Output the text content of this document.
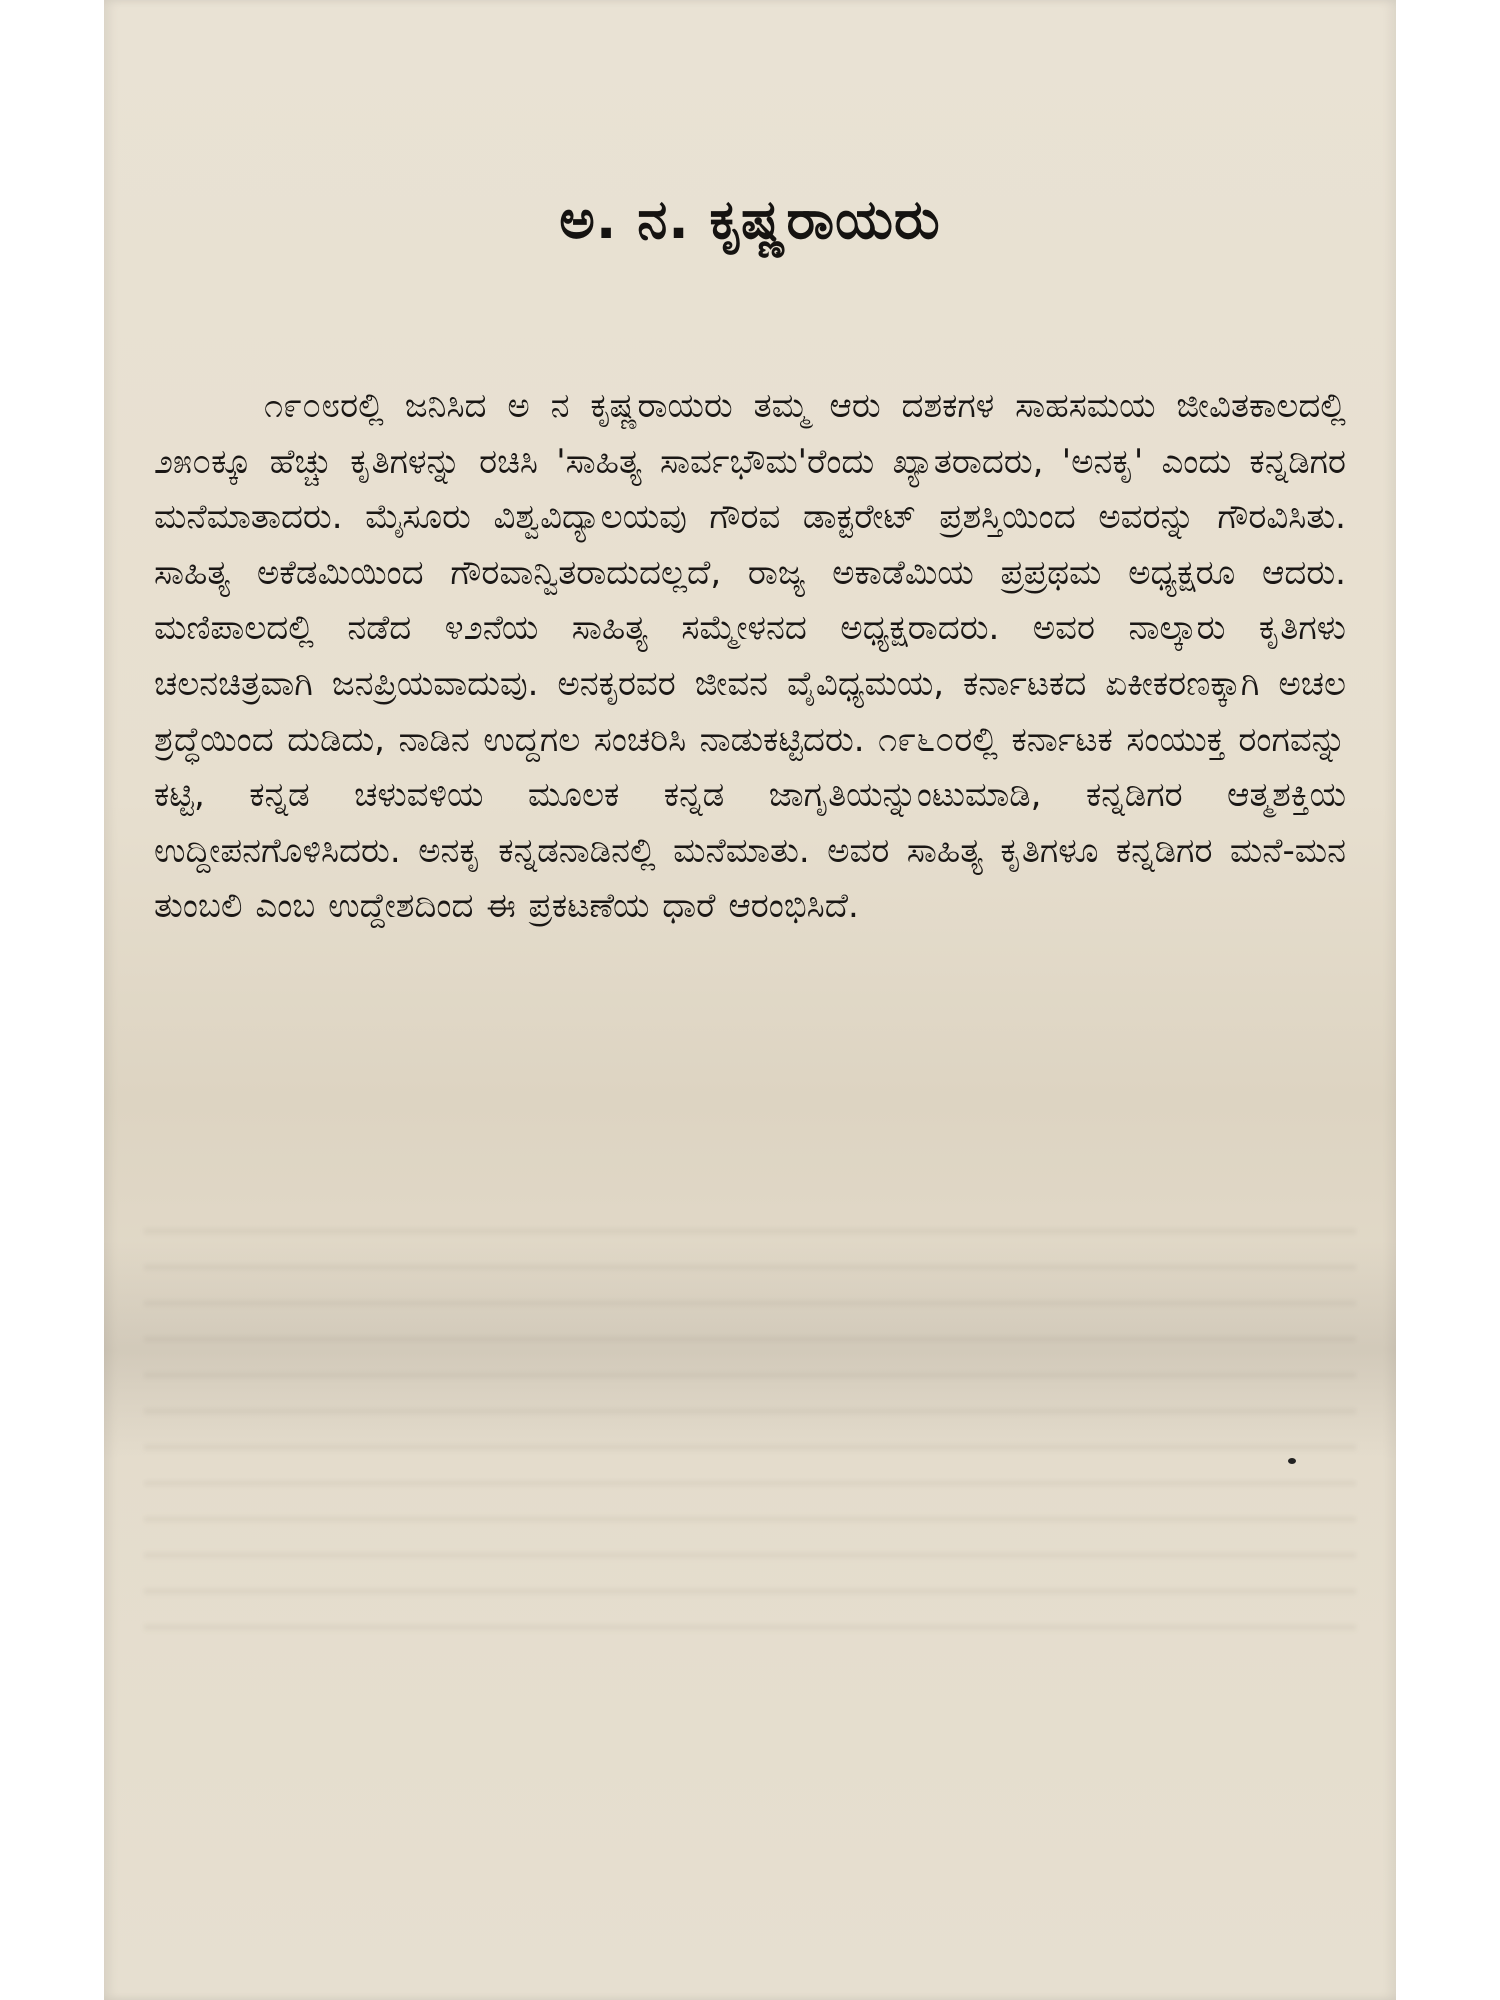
ಅ. ನ. ಕೃಷ್ಣರಾಯರು

೧೯೦೮ರಲ್ಲಿ ಜನಿಸಿದ ಅ ನ ಕೃಷ್ಣರಾಯರು ತಮ್ಮ ಆರು ದಶಕಗಳ ಸಾಹಸಮಯ ಜೀವಿತಕಾಲದಲ್ಲಿ ೨೫೦ಕ್ಕೂ ಹೆಚ್ಚು ಕೃತಿಗಳನ್ನು ರಚಿಸಿ 'ಸಾಹಿತ್ಯ ಸಾರ್ವಭೌಮ'ರೆಂದು ಖ್ಯಾತರಾದರು, 'ಅನಕೃ' ಎಂದು ಕನ್ನಡಿಗರ ಮನೆಮಾತಾದರು. ಮೈಸೂರು ವಿಶ್ವವಿದ್ಯಾಲಯವು ಗೌರವ ಡಾಕ್ಟರೇಟ್ ಪ್ರಶಸ್ತಿಯಿಂದ ಅವರನ್ನು ಗೌರವಿಸಿತು. ಸಾಹಿತ್ಯ ಅಕೆಡಮಿಯಿಂದ ಗೌರವಾನ್ವಿತರಾದುದಲ್ಲದೆ, ರಾಜ್ಯ ಅಕಾಡೆಮಿಯ ಪ್ರಪ್ರಥಮ ಅಧ್ಯಕ್ಷರೂ ಆದರು. ಮಣಿಪಾಲದಲ್ಲಿ ನಡೆದ ೪೨ನೆಯ ಸಾಹಿತ್ಯ ಸಮ್ಮೇಳನದ ಅಧ್ಯಕ್ಷರಾದರು. ಅವರ ನಾಲ್ಕಾರು ಕೃತಿಗಳು ಚಲನಚಿತ್ರವಾಗಿ ಜನಪ್ರಿಯವಾದುವು. ಅನಕೃರವರ ಜೀವನ ವೈವಿಧ್ಯಮಯ, ಕರ್ನಾಟಕದ ಏಕೀಕರಣಕ್ಕಾಗಿ ಅಚಲ ಶ್ರದ್ಧೆಯಿಂದ ದುಡಿದು, ನಾಡಿನ ಉದ್ದಗಲ ಸಂಚರಿಸಿ ನಾಡುಕಟ್ಟಿದರು. ೧೯೬೦ರಲ್ಲಿ ಕರ್ನಾಟಕ ಸಂಯುಕ್ತ ರಂಗವನ್ನು ಕಟ್ಟಿ, ಕನ್ನಡ ಚಳುವಳಿಯ ಮೂಲಕ ಕನ್ನಡ ಜಾಗೃತಿಯನ್ನುಂಟುಮಾಡಿ, ಕನ್ನಡಿಗರ ಆತ್ಮಶಕ್ತಿಯ ಉದ್ದೀಪನಗೊಳಿಸಿದರು. ಅನಕೃ ಕನ್ನಡನಾಡಿನಲ್ಲಿ ಮನೆಮಾತು. ಅವರ ಸಾಹಿತ್ಯ ಕೃತಿಗಳೂ ಕನ್ನಡಿಗರ ಮನೆ-ಮನ ತುಂಬಲಿ ಎಂಬ ಉದ್ದೇಶದಿಂದ ಈ ಪ್ರಕಟಣೆಯ ಧಾರೆ ಆರಂಭಿಸಿದೆ.
